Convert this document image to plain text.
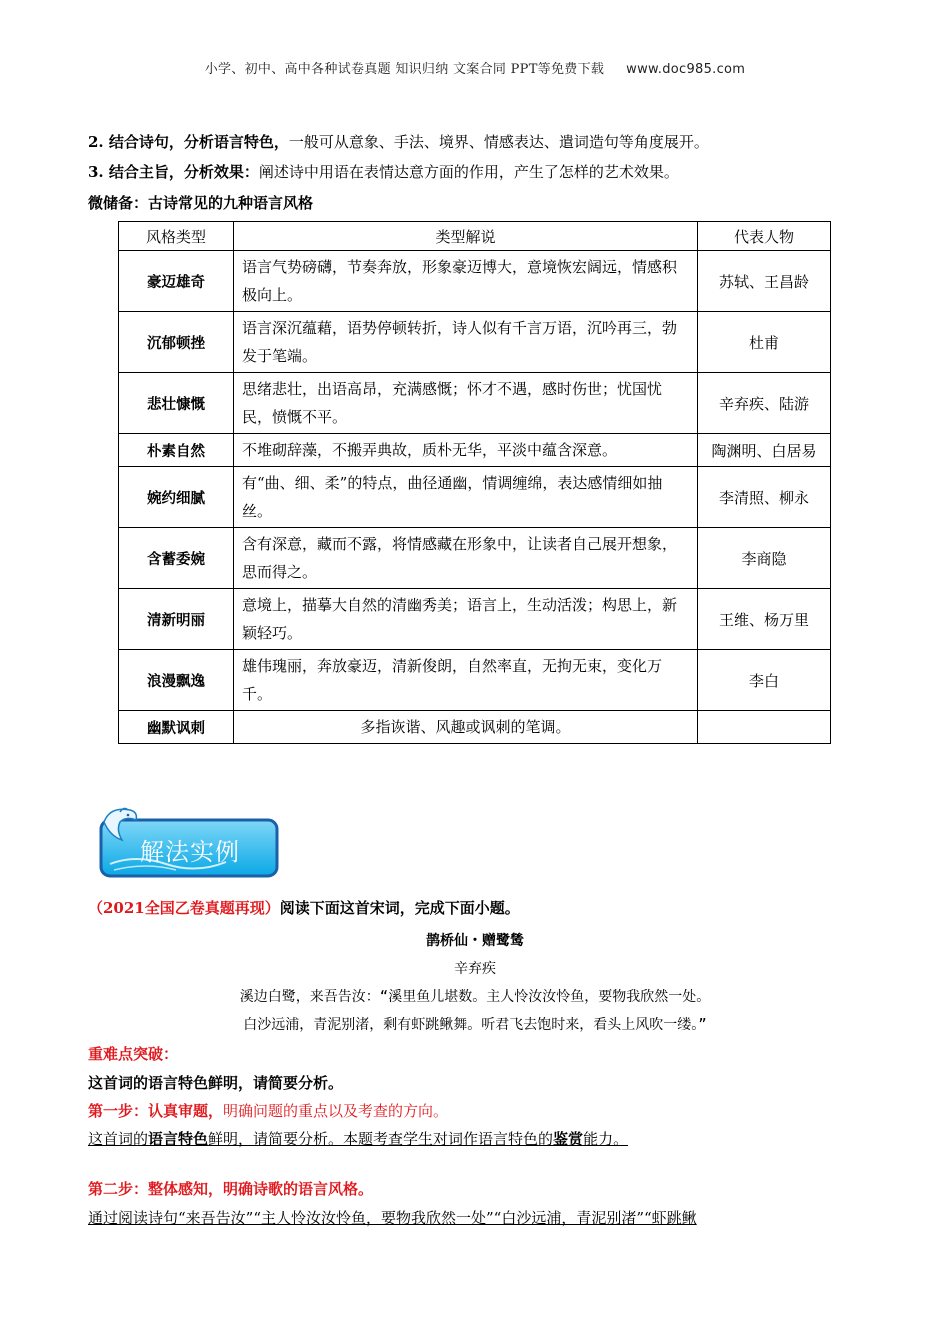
小学、初中、高中各种试卷真题 知识归纳 文案合同 PPT等免费下载 www.doc985.com
2. 结合诗句，分析语言特色，一般可从意象、手法、境界、情感表达、遣词造句等角度展开。
3. 结合主旨，分析效果：阐述诗中用语在表情达意方面的作用，产生了怎样的艺术效果。
微储备：古诗常见的九种语言风格
风格类型	类型解说	代表人物
豪迈雄奇	语言气势磅礴，节奏奔放，形象豪迈博大，意境恢宏阔远，情感积极向上。	苏轼、王昌龄
沉郁顿挫	语言深沉蕴藉，语势停顿转折，诗人似有千言万语，沉吟再三，勃发于笔端。	杜甫
悲壮慷慨	思绪悲壮，出语高昂，充满感慨；怀才不遇，感时伤世；忧国忧民，愤慨不平。	辛弃疾、陆游
朴素自然	不堆砌辞藻，不搬弄典故，质朴无华，平淡中蕴含深意。	陶渊明、白居易
婉约细腻	有“曲、细、柔”的特点，曲径通幽，情调缠绵，表达感情细如抽丝。	李清照、柳永
含蓄委婉	含有深意，藏而不露，将情感藏在形象中，让读者自己展开想象，思而得之。	李商隐
清新明丽	意境上，描摹大自然的清幽秀美；语言上，生动活泼；构思上，新颖轻巧。	王维、杨万里
浪漫飘逸	雄伟瑰丽，奔放豪迈，清新俊朗，自然率直，无拘无束，变化万千。	李白
幽默讽刺	多指诙谐、风趣或讽刺的笔调。	
解法实例
（2021全国乙卷真题再现）阅读下面这首宋词，完成下面小题。
鹊桥仙・赠鹭鸶
辛弃疾
溪边白鹭，来吾告汝：“溪里鱼儿堪数。主人怜汝汝怜鱼，要物我欣然一处。
白沙远浦，青泥别渚，剩有虾跳鳅舞。听君飞去饱时来，看头上风吹一缕。”
重难点突破：
这首词的语言特色鲜明，请简要分析。
第一步：认真审题，明确问题的重点以及考查的方向。
这首词的语言特色鲜明，请简要分析。本题考查学生对词作语言特色的鉴赏能力。
第二步：整体感知，明确诗歌的语言风格。
通过阅读诗句“来吾告汝”“主人怜汝汝怜鱼，要物我欣然一处”“白沙远浦，青泥别渚”“虾跳鳅
